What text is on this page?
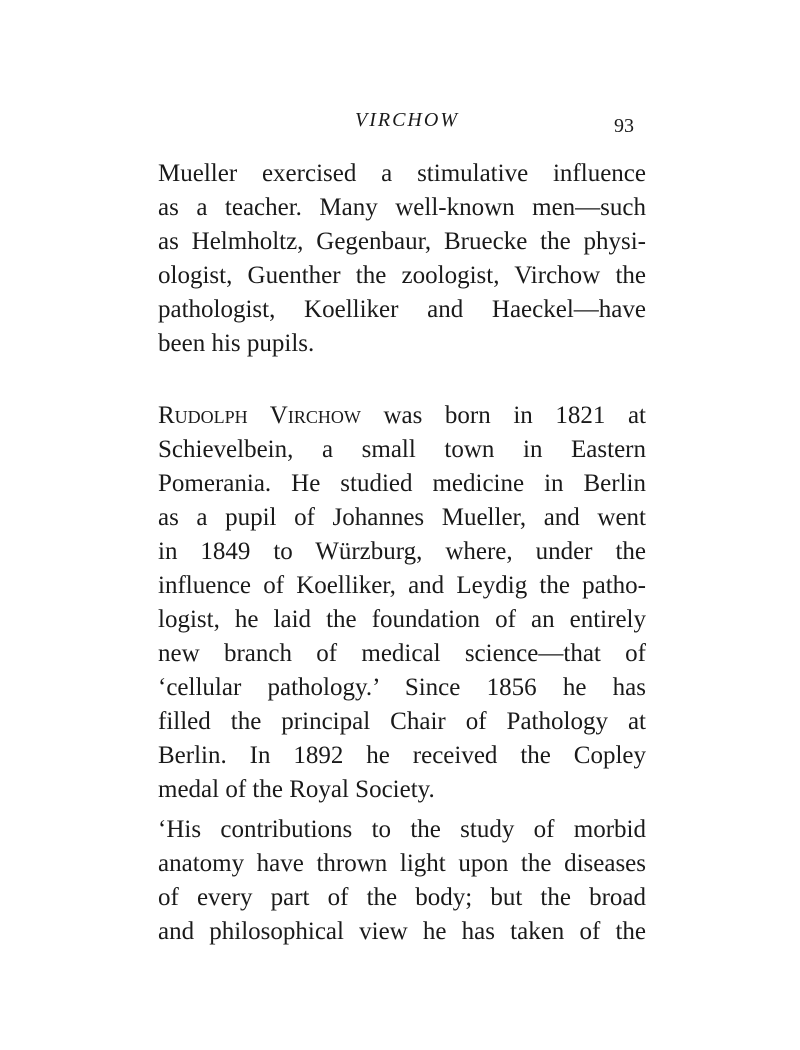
VIRCHOW	93
Mueller exercised a stimulative influence
as a teacher. Many well-known men—such
as Helmholtz, Gegenbaur, Bruecke the physi-
ologist, Guenther the zoologist, Virchow the
pathologist, Koelliker and Haeckel—have
been his pupils.
Rudolph Virchow was born in 1821 at
Schievelbein, a small town in Eastern
Pomerania. He studied medicine in Berlin
as a pupil of Johannes Mueller, and went
in 1849 to Würzburg, where, under the
influence of Koelliker, and Leydig the patho-
logist, he laid the foundation of an entirely
new branch of medical science—that of
‘cellular pathology.’ Since 1856 he has
filled the principal Chair of Pathology at
Berlin. In 1892 he received the Copley
medal of the Royal Society.
‘His contributions to the study of morbid
anatomy have thrown light upon the diseases
of every part of the body; but the broad
and philosophical view he has taken of the
